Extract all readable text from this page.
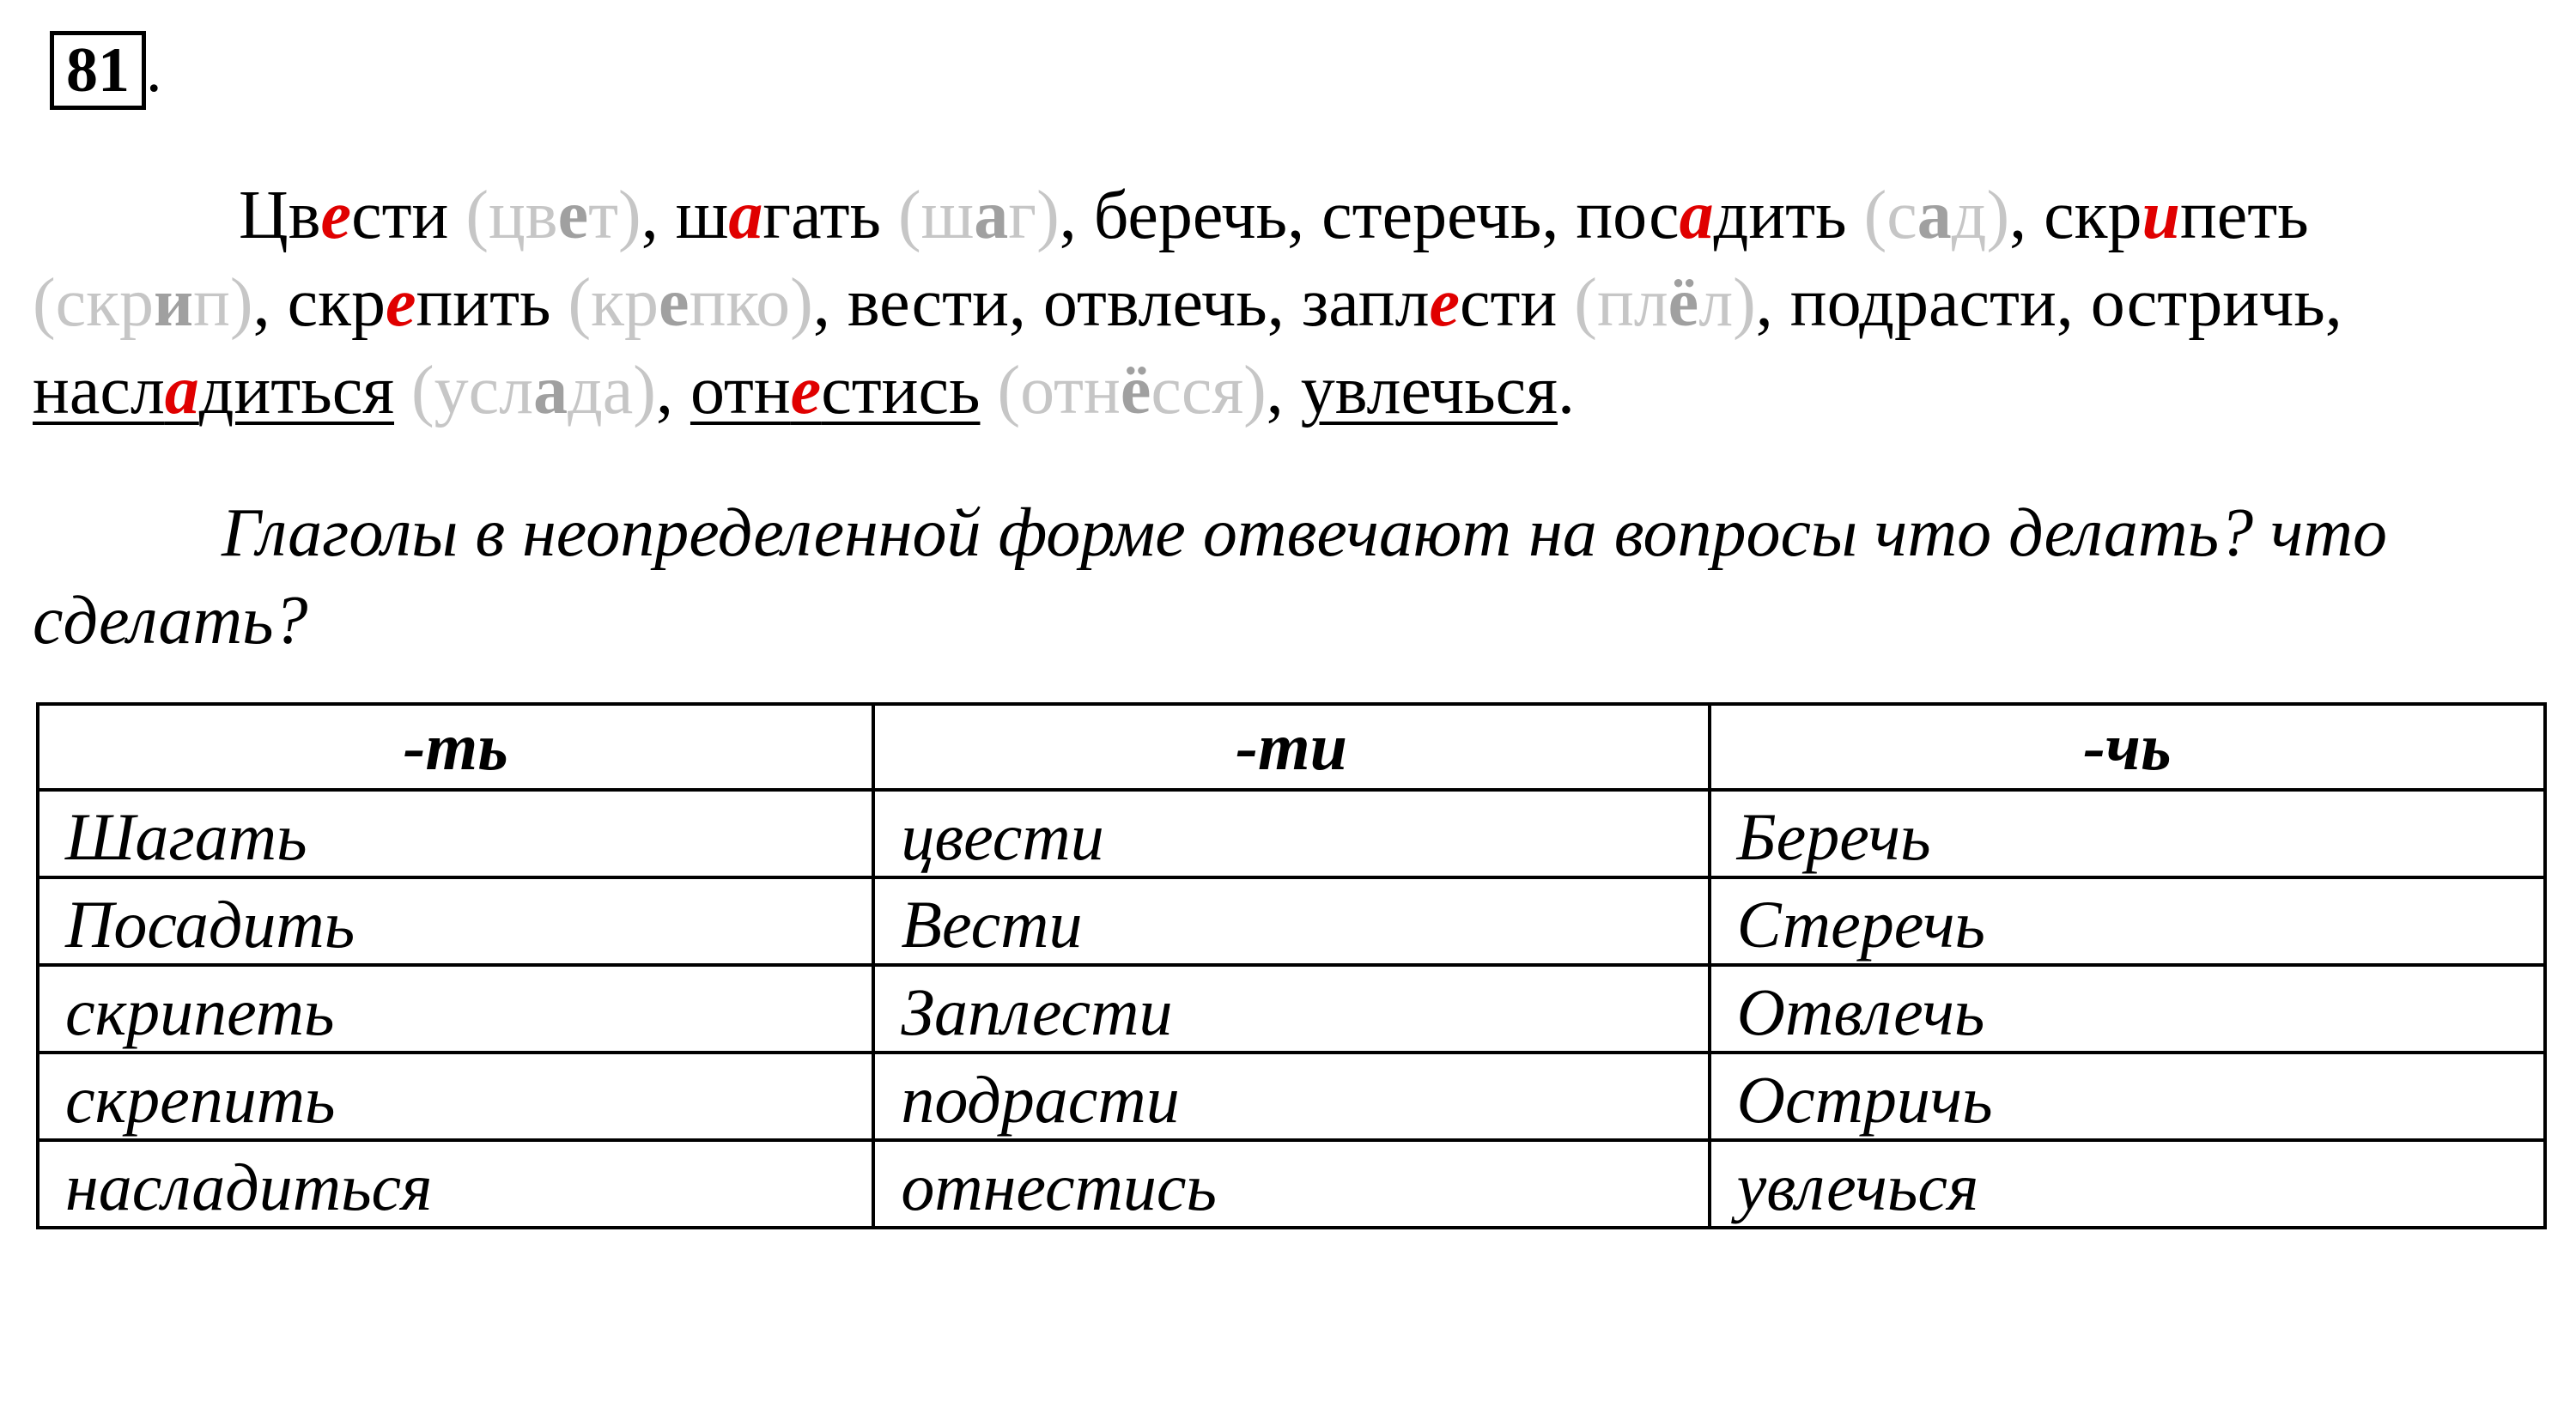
81 .
Цвести (цвет), шагать (шаг), беречь, стеречь, посадить (сад), скрипеть (скрип), скрепить (крепко), вести, отвлечь, заплести (плёл), подрасти, остричь, насладиться (услада), отнестись (отнёсся), увлечься.
Глаголы в неопределенной форме отвечают на вопросы что делать? что сделать?
-ть	-ти	-чь
Шагать	цвести	Беречь
Посадить	Вести	Стеречь
скрипеть	Заплести	Отвлечь
скрепить	подрасти	Остричь
насладиться	отнестись	увлечься
